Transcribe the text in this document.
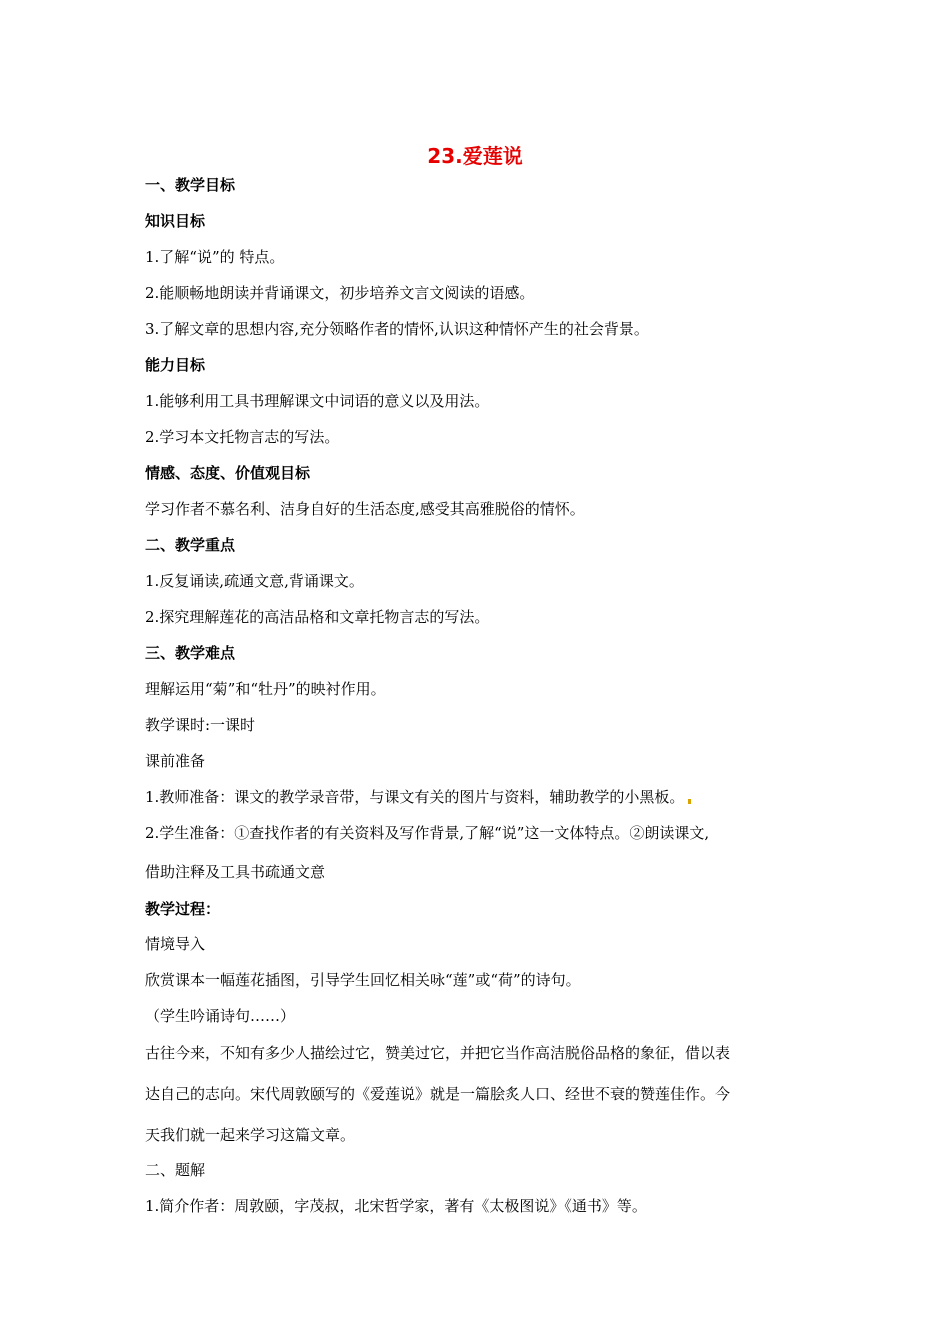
23.爱莲说
一、教学目标
知识目标
1.了解“说”的 特点。
2.能顺畅地朗读并背诵课文，初步培养文言文阅读的语感。
3.了解文章的思想内容,充分领略作者的情怀,认识这种情怀产生的社会背景。
能力目标
1.能够利用工具书理解课文中词语的意义以及用法。
2.学习本文托物言志的写法。
情感、态度、价值观目标
学习作者不慕名利、洁身自好的生活态度,感受其高雅脱俗的情怀。
二、教学重点
1.反复诵读,疏通文意,背诵课文。
2.探究理解莲花的高洁品格和文章托物言志的写法。
三、教学难点
理解运用“菊”和“牡丹”的映衬作用。
教学课时:一课时
课前准备
1.教师准备：课文的教学录音带，与课文有关的图片与资料，辅助教学的小黑板。
2.学生准备：①查找作者的有关资料及写作背景,了解“说”这一文体特点。②朗读课文,
借助注释及工具书疏通文意
教学过程：
情境导入
欣赏课本一幅莲花插图，引导学生回忆相关咏“莲”或“荷”的诗句。
（学生吟诵诗句……）
古往今来，不知有多少人描绘过它，赞美过它，并把它当作高洁脱俗品格的象征，借以表
达自己的志向。宋代周敦颐写的《爱莲说》就是一篇脍炙人口、经世不衰的赞莲佳作。今
天我们就一起来学习这篇文章。
二、题解
1.简介作者：周敦颐，字茂叔，北宋哲学家，著有《太极图说》《通书》等。
